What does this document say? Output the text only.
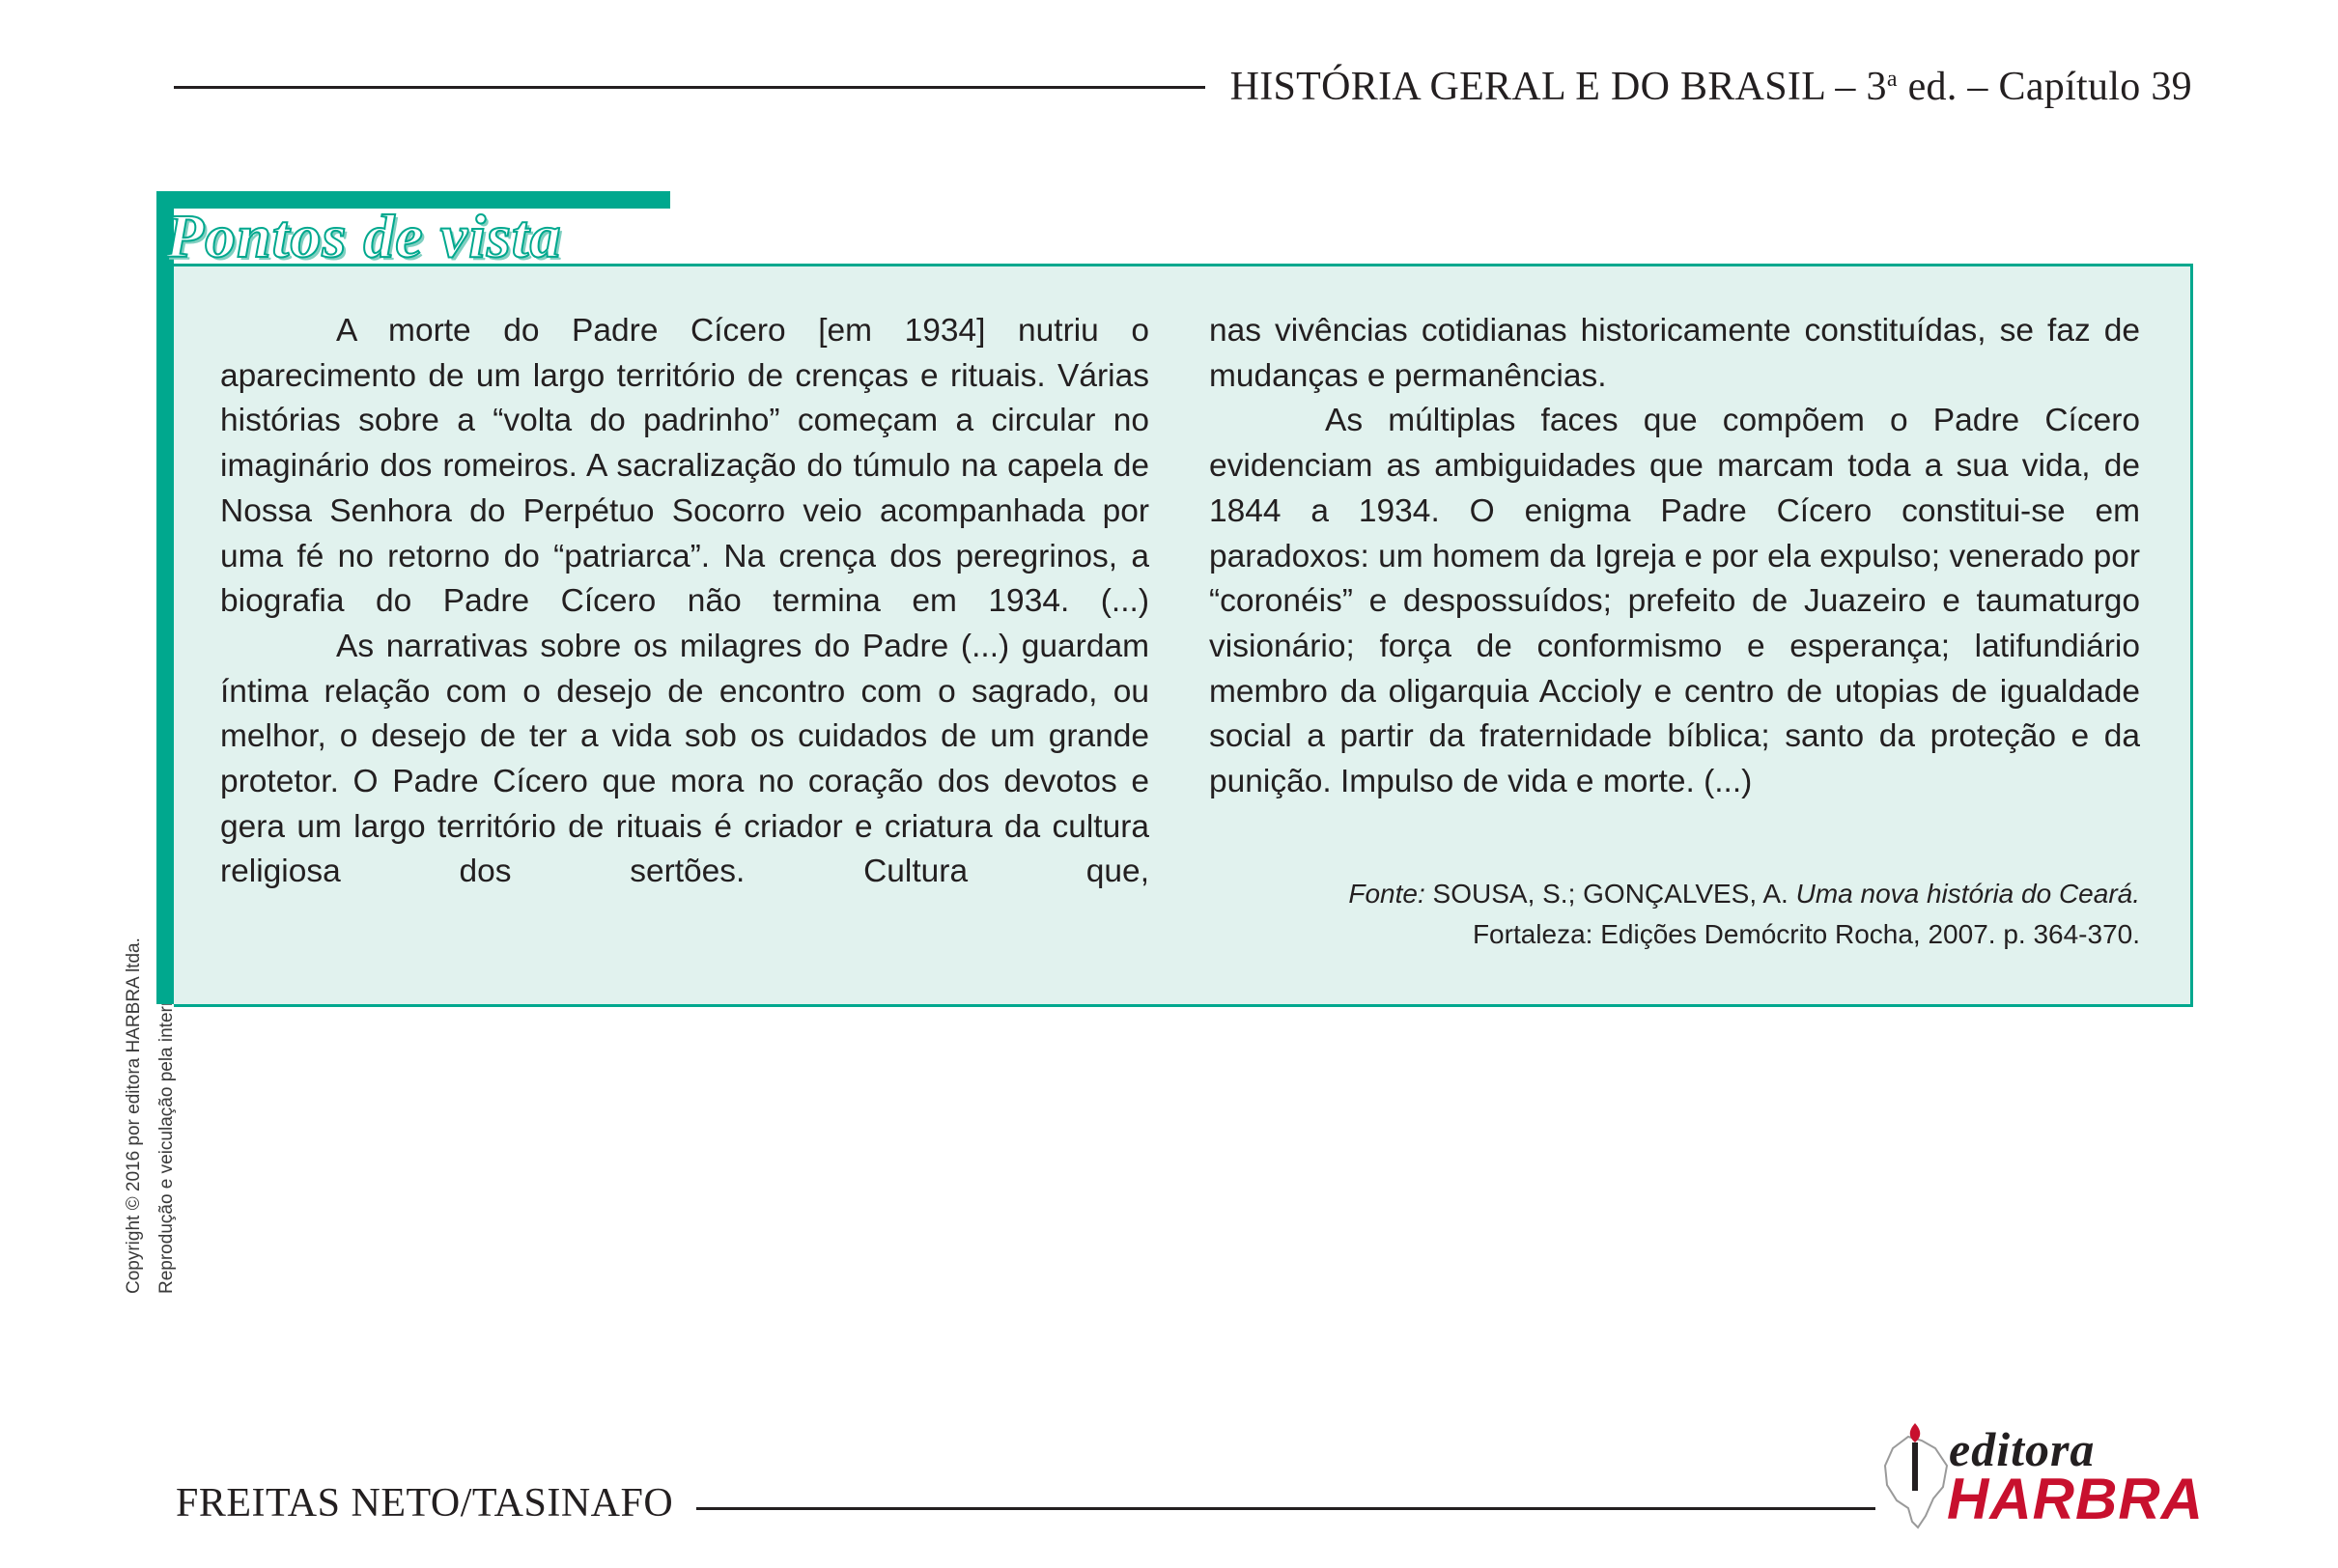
HISTÓRIA GERAL E DO BRASIL – 3$^a$ ed. – Capítulo 39
Copyright © 2016 por editora HARBRA ltda. Reprodução e veiculação pela internet,
Pontos de vista

A morte do Padre Cícero [em 1934] nutriu o aparecimento de um largo território de crenças e rituais. Várias histórias sobre a “volta do padrinho” começam a circular no imaginário dos romeiros. A sacralização do túmulo na capela de Nossa Senhora do Perpétuo Socorro veio acompanhada por uma fé no retorno do “patriarca”. Na crença dos peregrinos, a biografia do Padre Cícero não termina em 1934. (...)

As narrativas sobre os milagres do Padre (...) guardam íntima relação com o desejo de encontro com o sagrado, ou melhor, o desejo de ter a vida sob os cuidados de um grande protetor. O Padre Cícero que mora no coração dos devotos e gera um largo território de rituais é criador e criatura da cultura religiosa dos sertões. Cultura que,

nas vivências cotidianas historicamente constituídas, se faz de mudanças e permanências.

As múltiplas faces que compõem o Padre Cícero evidenciam as ambiguidades que marcam toda a sua vida, de 1844 a 1934. O enigma Padre Cícero constitui-se em paradoxos: um homem da Igreja e por ela expulso; venerado por “coronéis” e despossuídos; prefeito de Juazeiro e taumaturgo visionário; força de conformismo e esperança; latifundiário membro da oligarquia Accioly e centro de utopias de igualdade social a partir da fraternidade bíblica; santo da proteção e da punição. Impulso de vida e morte. (...)

Fonte: SOUSA, S.; GONÇALVES, A. Uma nova história do Ceará.
Fortaleza: Edições Demócrito Rocha, 2007. p. 364-370.
FREITAS NETO/TASINAFO
editora
HARBRA
